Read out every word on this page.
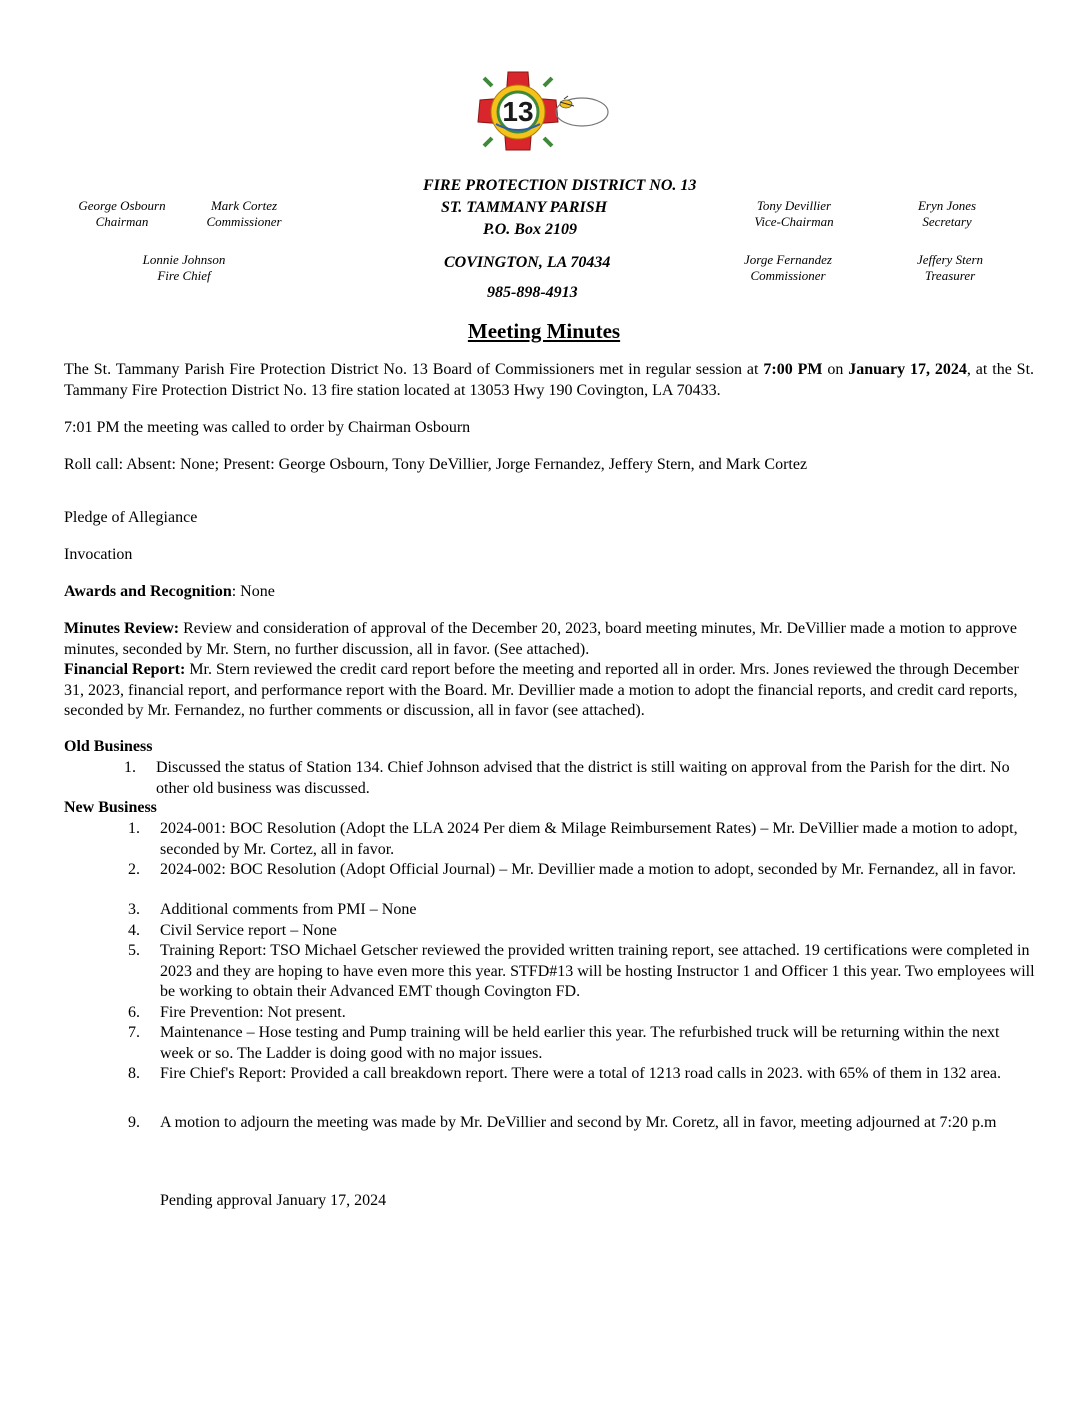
13
FIRE PROTECTION DISTRICT NO. 13
ST. TAMMANY PARISH
P.O. Box 2109
COVINGTON, LA 70434
985-898-4913
George Osbourn
Chairman
Mark Cortez
Commissioner
Lonnie Johnson
Fire Chief
Tony Devillier
Vice-Chairman
Eryn Jones
Secretary
Jorge Fernandez
Commissioner
Jeffery Stern
Treasurer
Meeting Minutes
The St. Tammany Parish Fire Protection District No. 13 Board of Commissioners met in regular session at 7:00 PM on January 17, 2024, at the St. Tammany Fire Protection District No. 13 fire station located at 13053 Hwy 190 Covington, LA 70433.
7:01 PM the meeting was called to order by Chairman Osbourn
Roll call: Absent: None; Present: George Osbourn, Tony DeVillier, Jorge Fernandez, Jeffery Stern, and Mark Cortez
Pledge of Allegiance
Invocation
Awards and Recognition: None
Minutes Review: Review and consideration of approval of the December 20, 2023, board meeting minutes, Mr. DeVillier made a motion to approve minutes, seconded by Mr. Stern, no further discussion, all in favor. (See attached).
Financial Report: Mr. Stern reviewed the credit card report before the meeting and reported all in order. Mrs. Jones reviewed the through December 31, 2023, financial report, and performance report with the Board. Mr. Devillier made a motion to adopt the financial reports, and credit card reports, seconded by Mr. Fernandez, no further comments or discussion, all in favor (see attached).
Old Business
1. Discussed the status of Station 134. Chief Johnson advised that the district is still waiting on approval from the Parish for the dirt. No other old business was discussed.
New Business
1. 2024-001: BOC Resolution (Adopt the LLA 2024 Per diem & Milage Reimbursement Rates) – Mr. DeVillier made a motion to adopt, seconded by Mr. Cortez, all in favor.
2. 2024-002: BOC Resolution (Adopt Official Journal) – Mr. Devillier made a motion to adopt, seconded by Mr. Fernandez, all in favor.
3. Additional comments from PMI – None
4. Civil Service report – None
5. Training Report: TSO Michael Getscher reviewed the provided written training report, see attached. 19 certifications were completed in 2023 and they are hoping to have even more this year. STFD#13 will be hosting Instructor 1 and Officer 1 this year. Two employees will be working to obtain their Advanced EMT though Covington FD.
6. Fire Prevention: Not present.
7. Maintenance – Hose testing and Pump training will be held earlier this year. The refurbished truck will be returning within the next week or so. The Ladder is doing good with no major issues.
8. Fire Chief's Report: Provided a call breakdown report. There were a total of 1213 road calls in 2023. with 65% of them in 132 area.
9. A motion to adjourn the meeting was made by Mr. DeVillier and second by Mr. Coretz, all in favor, meeting adjourned at 7:20 p.m
Pending approval January 17, 2024
